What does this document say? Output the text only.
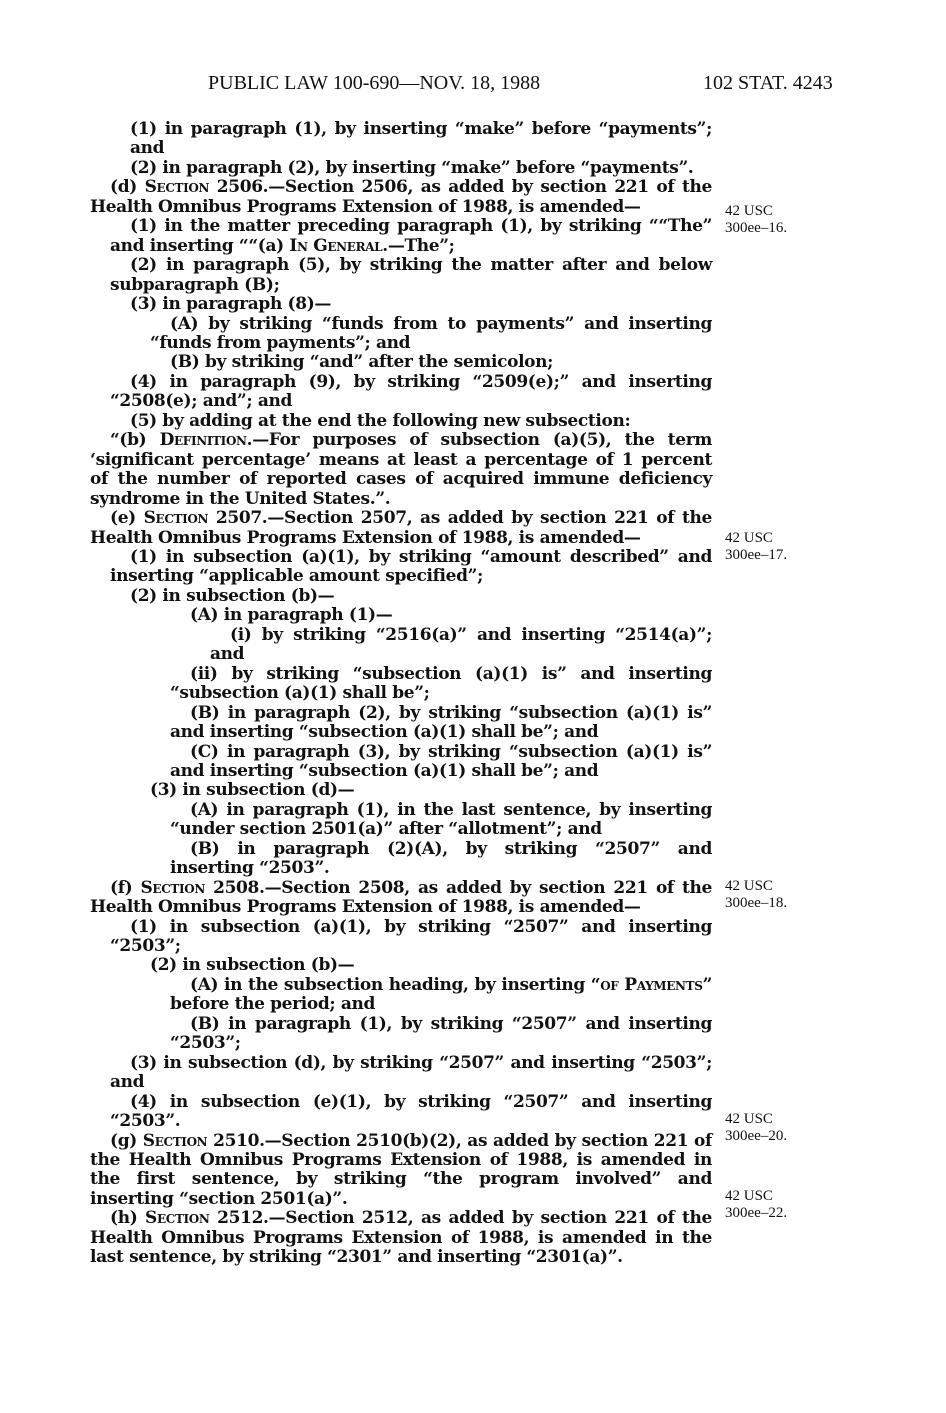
PUBLIC LAW 100-690—NOV. 18, 1988	102 STAT. 4243

(1) in paragraph (1), by inserting “make” before “payments”; and

(2) in paragraph (2), by inserting “make” before “payments”.

(d) Section 2506.—Section 2506, as added by section 221 of the Health Omnibus Programs Extension of 1988, is amended—

(1) in the matter preceding paragraph (1), by striking ““The” and inserting ““(a) In General.—The”;

(2) in paragraph (5), by striking the matter after and below subparagraph (B);

(3) in paragraph (8)—

(A) by striking “funds from to payments” and inserting “funds from payments”; and

(B) by striking “and” after the semicolon;

(4) in paragraph (9), by striking “2509(e);” and inserting “2508(e); and”; and

(5) by adding at the end the following new subsection:

“(b) Definition.—For purposes of subsection (a)(5), the term ‘significant percentage’ means at least a percentage of 1 percent of the number of reported cases of acquired immune deficiency syndrome in the United States.”.

(e) Section 2507.—Section 2507, as added by section 221 of the Health Omnibus Programs Extension of 1988, is amended—

(1) in subsection (a)(1), by striking “amount described” and inserting “applicable amount specified”;

(2) in subsection (b)—

(A) in paragraph (1)—

(i) by striking “2516(a)” and inserting “2514(a)”; and

(ii) by striking “subsection (a)(1) is” and inserting “subsection (a)(1) shall be”;

(B) in paragraph (2), by striking “subsection (a)(1) is” and inserting “subsection (a)(1) shall be”; and

(C) in paragraph (3), by striking “subsection (a)(1) is” and inserting “subsection (a)(1) shall be”; and

(3) in subsection (d)—

(A) in paragraph (1), in the last sentence, by inserting “under section 2501(a)” after “allotment”; and

(B) in paragraph (2)(A), by striking “2507” and inserting “2503”.

(f) Section 2508.—Section 2508, as added by section 221 of the Health Omnibus Programs Extension of 1988, is amended—

(1) in subsection (a)(1), by striking “2507” and inserting “2503”;

(2) in subsection (b)—

(A) in the subsection heading, by inserting “of Payments” before the period; and

(B) in paragraph (1), by striking “2507” and inserting “2503”;

(3) in subsection (d), by striking “2507” and inserting “2503”; and

(4) in subsection (e)(1), by striking “2507” and inserting “2503”.

(g) Section 2510.—Section 2510(b)(2), as added by section 221 of the Health Omnibus Programs Extension of 1988, is amended in the first sentence, by striking “the program involved” and inserting “section 2501(a)”.

(h) Section 2512.—Section 2512, as added by section 221 of the Health Omnibus Programs Extension of 1988, is amended in the last sentence, by striking “2301” and inserting “2301(a)”.

42 USC
300ee–16.
42 USC
300ee–17.
42 USC
300ee–18.
42 USC
300ee–20.
42 USC
300ee–22.
